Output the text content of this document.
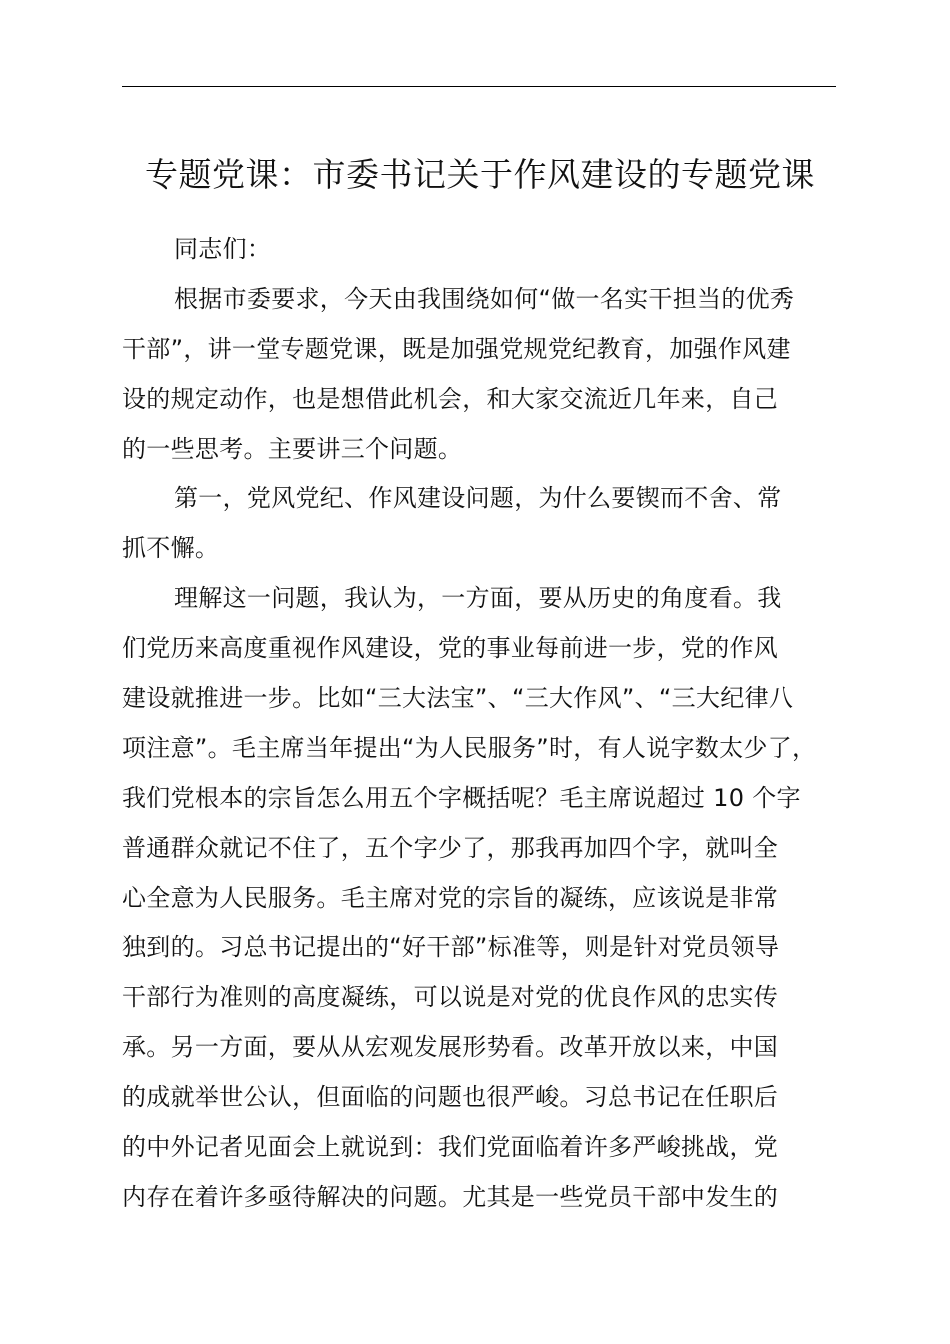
专题党课：市委书记关于作风建设的专题党课
同志们：
根据市委要求，今天由我围绕如何“做一名实干担当的优秀
干部”，讲一堂专题党课，既是加强党规党纪教育，加强作风建
设的规定动作，也是想借此机会，和大家交流近几年来，自己
的一些思考。主要讲三个问题。
第一，党风党纪、作风建设问题，为什么要锲而不舍、常
抓不懈。
理解这一问题，我认为，一方面，要从历史的角度看。我
们党历来高度重视作风建设，党的事业每前进一步，党的作风
建设就推进一步。比如“三大法宝”、“三大作风”、“三大纪律八
项注意”。毛主席当年提出“为人民服务”时，有人说字数太少了，
我们党根本的宗旨怎么用五个字概括呢？毛主席说超过 10 个字
普通群众就记不住了，五个字少了，那我再加四个字，就叫全
心全意为人民服务。毛主席对党的宗旨的凝练，应该说是非常
独到的。习总书记提出的“好干部”标准等，则是针对党员领导
干部行为准则的高度凝练，可以说是对党的优良作风的忠实传
承。另一方面，要从从宏观发展形势看。改革开放以来，中国
的成就举世公认，但面临的问题也很严峻。习总书记在任职后
的中外记者见面会上就说到：我们党面临着许多严峻挑战，党
内存在着许多亟待解决的问题。尤其是一些党员干部中发生的
